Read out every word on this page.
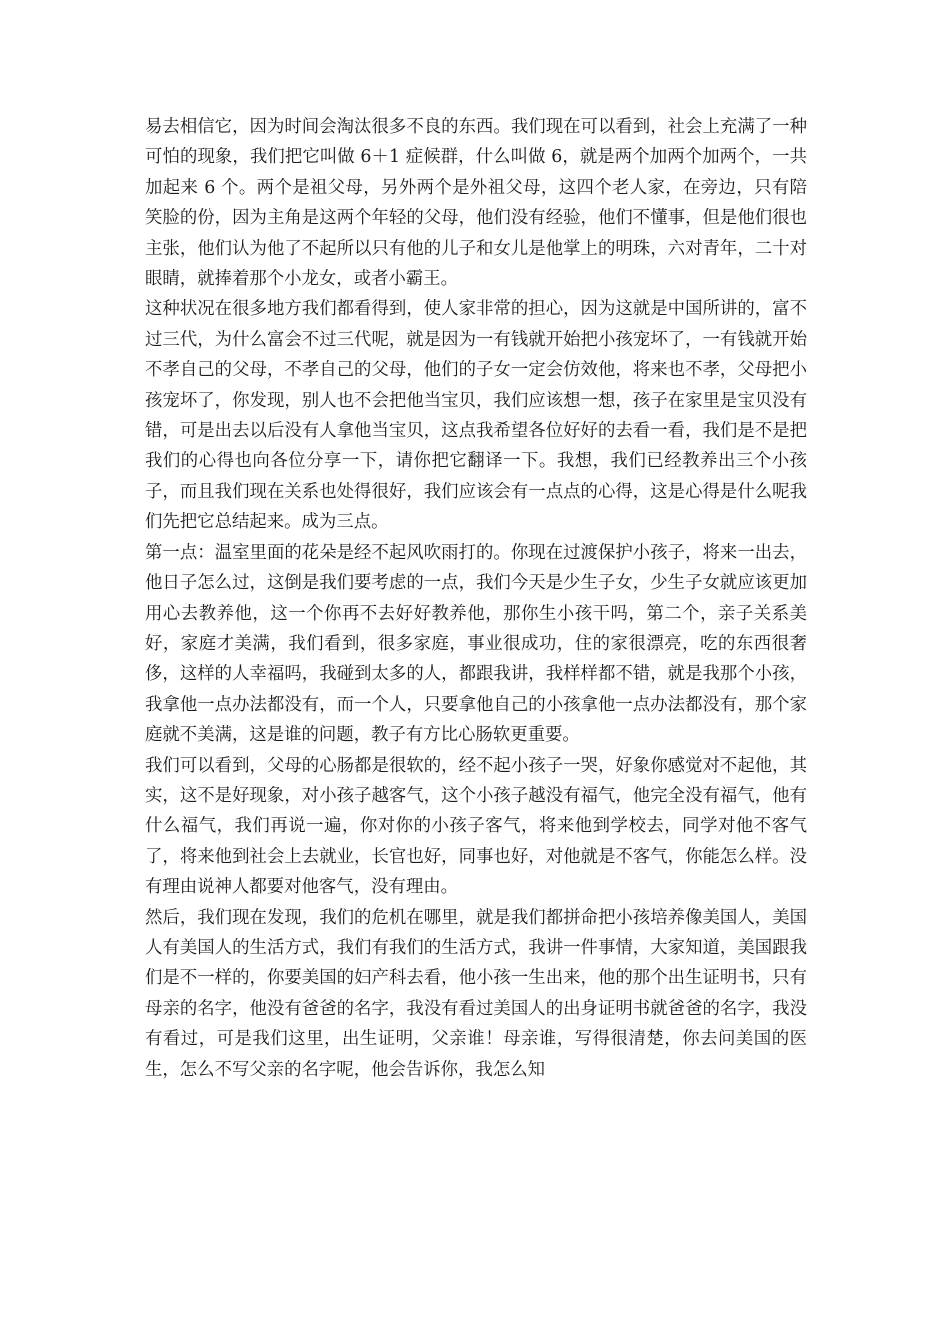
易去相信它，因为时间会淘汰很多不良的东西。我们现在可以看到，社会上充满了一种可怕的现象，我们把它叫做 6＋1 症候群，什么叫做 6，就是两个加两个加两个，一共加起来 6 个。两个是祖父母，另外两个是外祖父母，这四个老人家，在旁边，只有陪笑脸的份，因为主角是这两个年轻的父母，他们没有经验，他们不懂事，但是他们很也主张，他们认为他了不起所以只有他的儿子和女儿是他掌上的明珠，六对青年，二十对眼睛，就捧着那个小龙女，或者小霸王。

这种状况在很多地方我们都看得到，使人家非常的担心，因为这就是中国所讲的，富不过三代，为什么富会不过三代呢，就是因为一有钱就开始把小孩宠坏了，一有钱就开始不孝自己的父母，不孝自己的父母，他们的子女一定会仿效他，将来也不孝，父母把小孩宠坏了，你发现，别人也不会把他当宝贝，我们应该想一想，孩子在家里是宝贝没有错，可是出去以后没有人拿他当宝贝，这点我希望各位好好的去看一看，我们是不是把我们的心得也向各位分享一下，请你把它翻译一下。我想，我们已经教养出三个小孩子，而且我们现在关系也处得很好，我们应该会有一点点的心得，这是心得是什么呢我们先把它总结起来。成为三点。

第一点：温室里面的花朵是经不起风吹雨打的。你现在过渡保护小孩子，将来一出去，他日子怎么过，这倒是我们要考虑的一点，我们今天是少生子女，少生子女就应该更加用心去教养他，这一个你再不去好好教养他，那你生小孩干吗，第二个，亲子关系美好，家庭才美满，我们看到，很多家庭，事业很成功，住的家很漂亮，吃的东西很奢侈，这样的人幸福吗，我碰到太多的人，都跟我讲，我样样都不错，就是我那个小孩，我拿他一点办法都没有，而一个人，只要拿他自己的小孩拿他一点办法都没有，那个家庭就不美满，这是谁的问题，教子有方比心肠软更重要。

我们可以看到，父母的心肠都是很软的，经不起小孩子一哭，好象你感觉对不起他，其实，这不是好现象，对小孩子越客气，这个小孩子越没有福气，他完全没有福气，他有什么福气，我们再说一遍，你对你的小孩子客气，将来他到学校去，同学对他不客气了，将来他到社会上去就业，长官也好，同事也好，对他就是不客气，你能怎么样。没有理由说神人都要对他客气，没有理由。

然后，我们现在发现，我们的危机在哪里，就是我们都拼命把小孩培养像美国人，美国人有美国人的生活方式，我们有我们的生活方式，我讲一件事情，大家知道，美国跟我们是不一样的，你要美国的妇产科去看，他小孩一生出来，他的那个出生证明书，只有母亲的名字，他没有爸爸的名字，我没有看过美国人的出身证明书就爸爸的名字，我没有看过，可是我们这里，出生证明，父亲谁！母亲谁，写得很清楚，你去问美国的医生，怎么不写父亲的名字呢，他会告诉你，我怎么知
